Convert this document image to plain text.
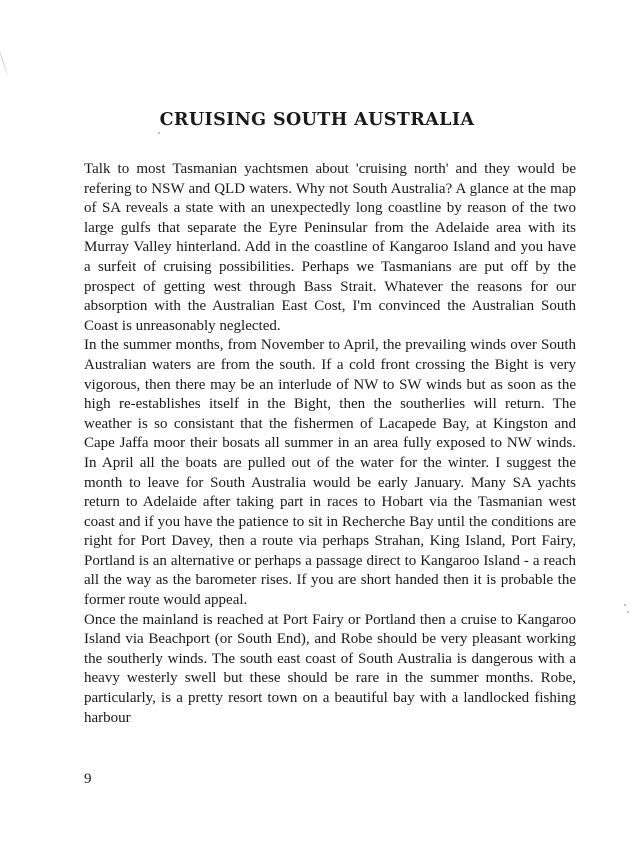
CRUISING SOUTH AUSTRALIA

Talk to most Tasmanian yachtsmen about 'cruising north' and they would be refering to NSW and QLD waters. Why not South Australia? A glance at the map of SA reveals a state with an unexpectedly long coastline by reason of the two large gulfs that separate the Eyre Peninsular from the Adelaide area with its Murray Valley hinterland. Add in the coastline of Kangaroo Island and you have a surfeit of cruising possibilities. Perhaps we Tasmanians are put off by the prospect of getting west through Bass Strait. Whatever the reasons for our absorption with the Australian East Cost, I'm convinced the Australian South Coast is unreasonably neglected.

In the summer months, from November to April, the prevailing winds over South Australian waters are from the south. If a cold front crossing the Bight is very vigorous, then there may be an interlude of NW to SW winds but as soon as the high re-establishes itself in the Bight, then the southerlies will return. The weather is so consistant that the fishermen of Lacapede Bay, at Kingston and Cape Jaffa moor their bosats all summer in an area fully exposed to NW winds. In April all the boats are pulled out of the water for the winter. I suggest the month to leave for South Australia would be early January. Many SA yachts return to Adelaide after taking part in races to Hobart via the Tasmanian west coast and if you have the patience to sit in Recherche Bay until the conditions are right for Port Davey, then a route via perhaps Strahan, King Island, Port Fairy, Portland is an alternative or perhaps a passage direct to Kangaroo Island - a reach all the way as the barometer rises. If you are short handed then it is probable the former route would appeal.

Once the mainland is reached at Port Fairy or Portland then a cruise to Kangaroo Island via Beachport (or South End), and Robe should be very pleasant working the southerly winds. The south east coast of South Australia is dangerous with a heavy westerly swell but these should be rare in the summer months. Robe, particularly, is a pretty resort town on a beautiful bay with a landlocked fishing harbour

9
